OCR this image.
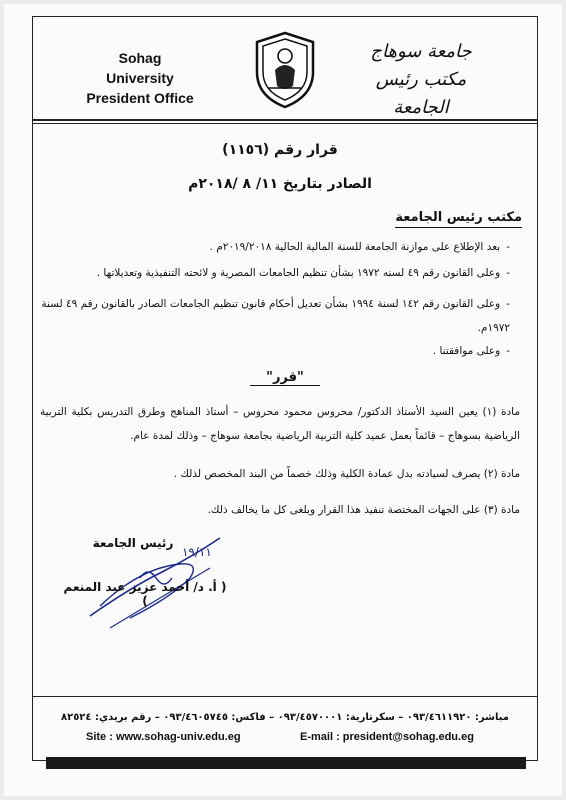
Sohag University
President Office
جامعة سوهاج
مكتب رئيس الجامعة
قرار رقم (١١٥٦)
الصادر بتاريخ ١١/ ٨ /٢٠١٨م
مكتب رئيس الجامعة
-بعد الإطلاع على موازنة الجامعة للسنة المالية الحالية ٢٠١٩/٢٠١٨م .
-وعلى القانون رقم ٤٩ لسنه ١٩٧٢ بشأن تنظيم الجامعات المصرية و لائحته التنفيذية وتعديلاتها .
-وعلى القانون رقم ١٤٢ لسنة ١٩٩٤ بشأن تعديل أحكام قانون تنظيم الجامعات الصادر بالقانون رقم ٤٩ لسنة ١٩٧٢م.
-وعلى موافقتنا .
"قرر"
مادة (١) يعين السيد الأستاذ الدكتور/ محروس محمود محروس – أستاذ المناهج وطرق التدريس بكلية التربية الرياضية بسوهاج – قائماً بعمل عميد كلية التربية الرياضية بجامعة سوهاج – وذلك لمدة عام.
مادة (٢) يصرف لسيادته بدل عمادة الكلية وذلك خصماً من البند المخصص لذلك .
مادة (٣) على الجهات المختصة تنفيذ هذا القرار ويلغى كل ما يخالف ذلك.
١٩/١١
رئيس الجامعة
( أ. د/ أحمد عزيز عبد المنعم )
مباشر: ٠٩٣/٤٦١١٩٢٠ – سكرتارية: ٠٩٣/٤٥٧٠٠٠١ – فاكس: ٠٩٣/٤٦٠٥٧٤٥ – رقم بريدي: ٨٢٥٢٤
Site : www.sohag-univ.edu.eg	E-mail : president@sohag.edu.eg
